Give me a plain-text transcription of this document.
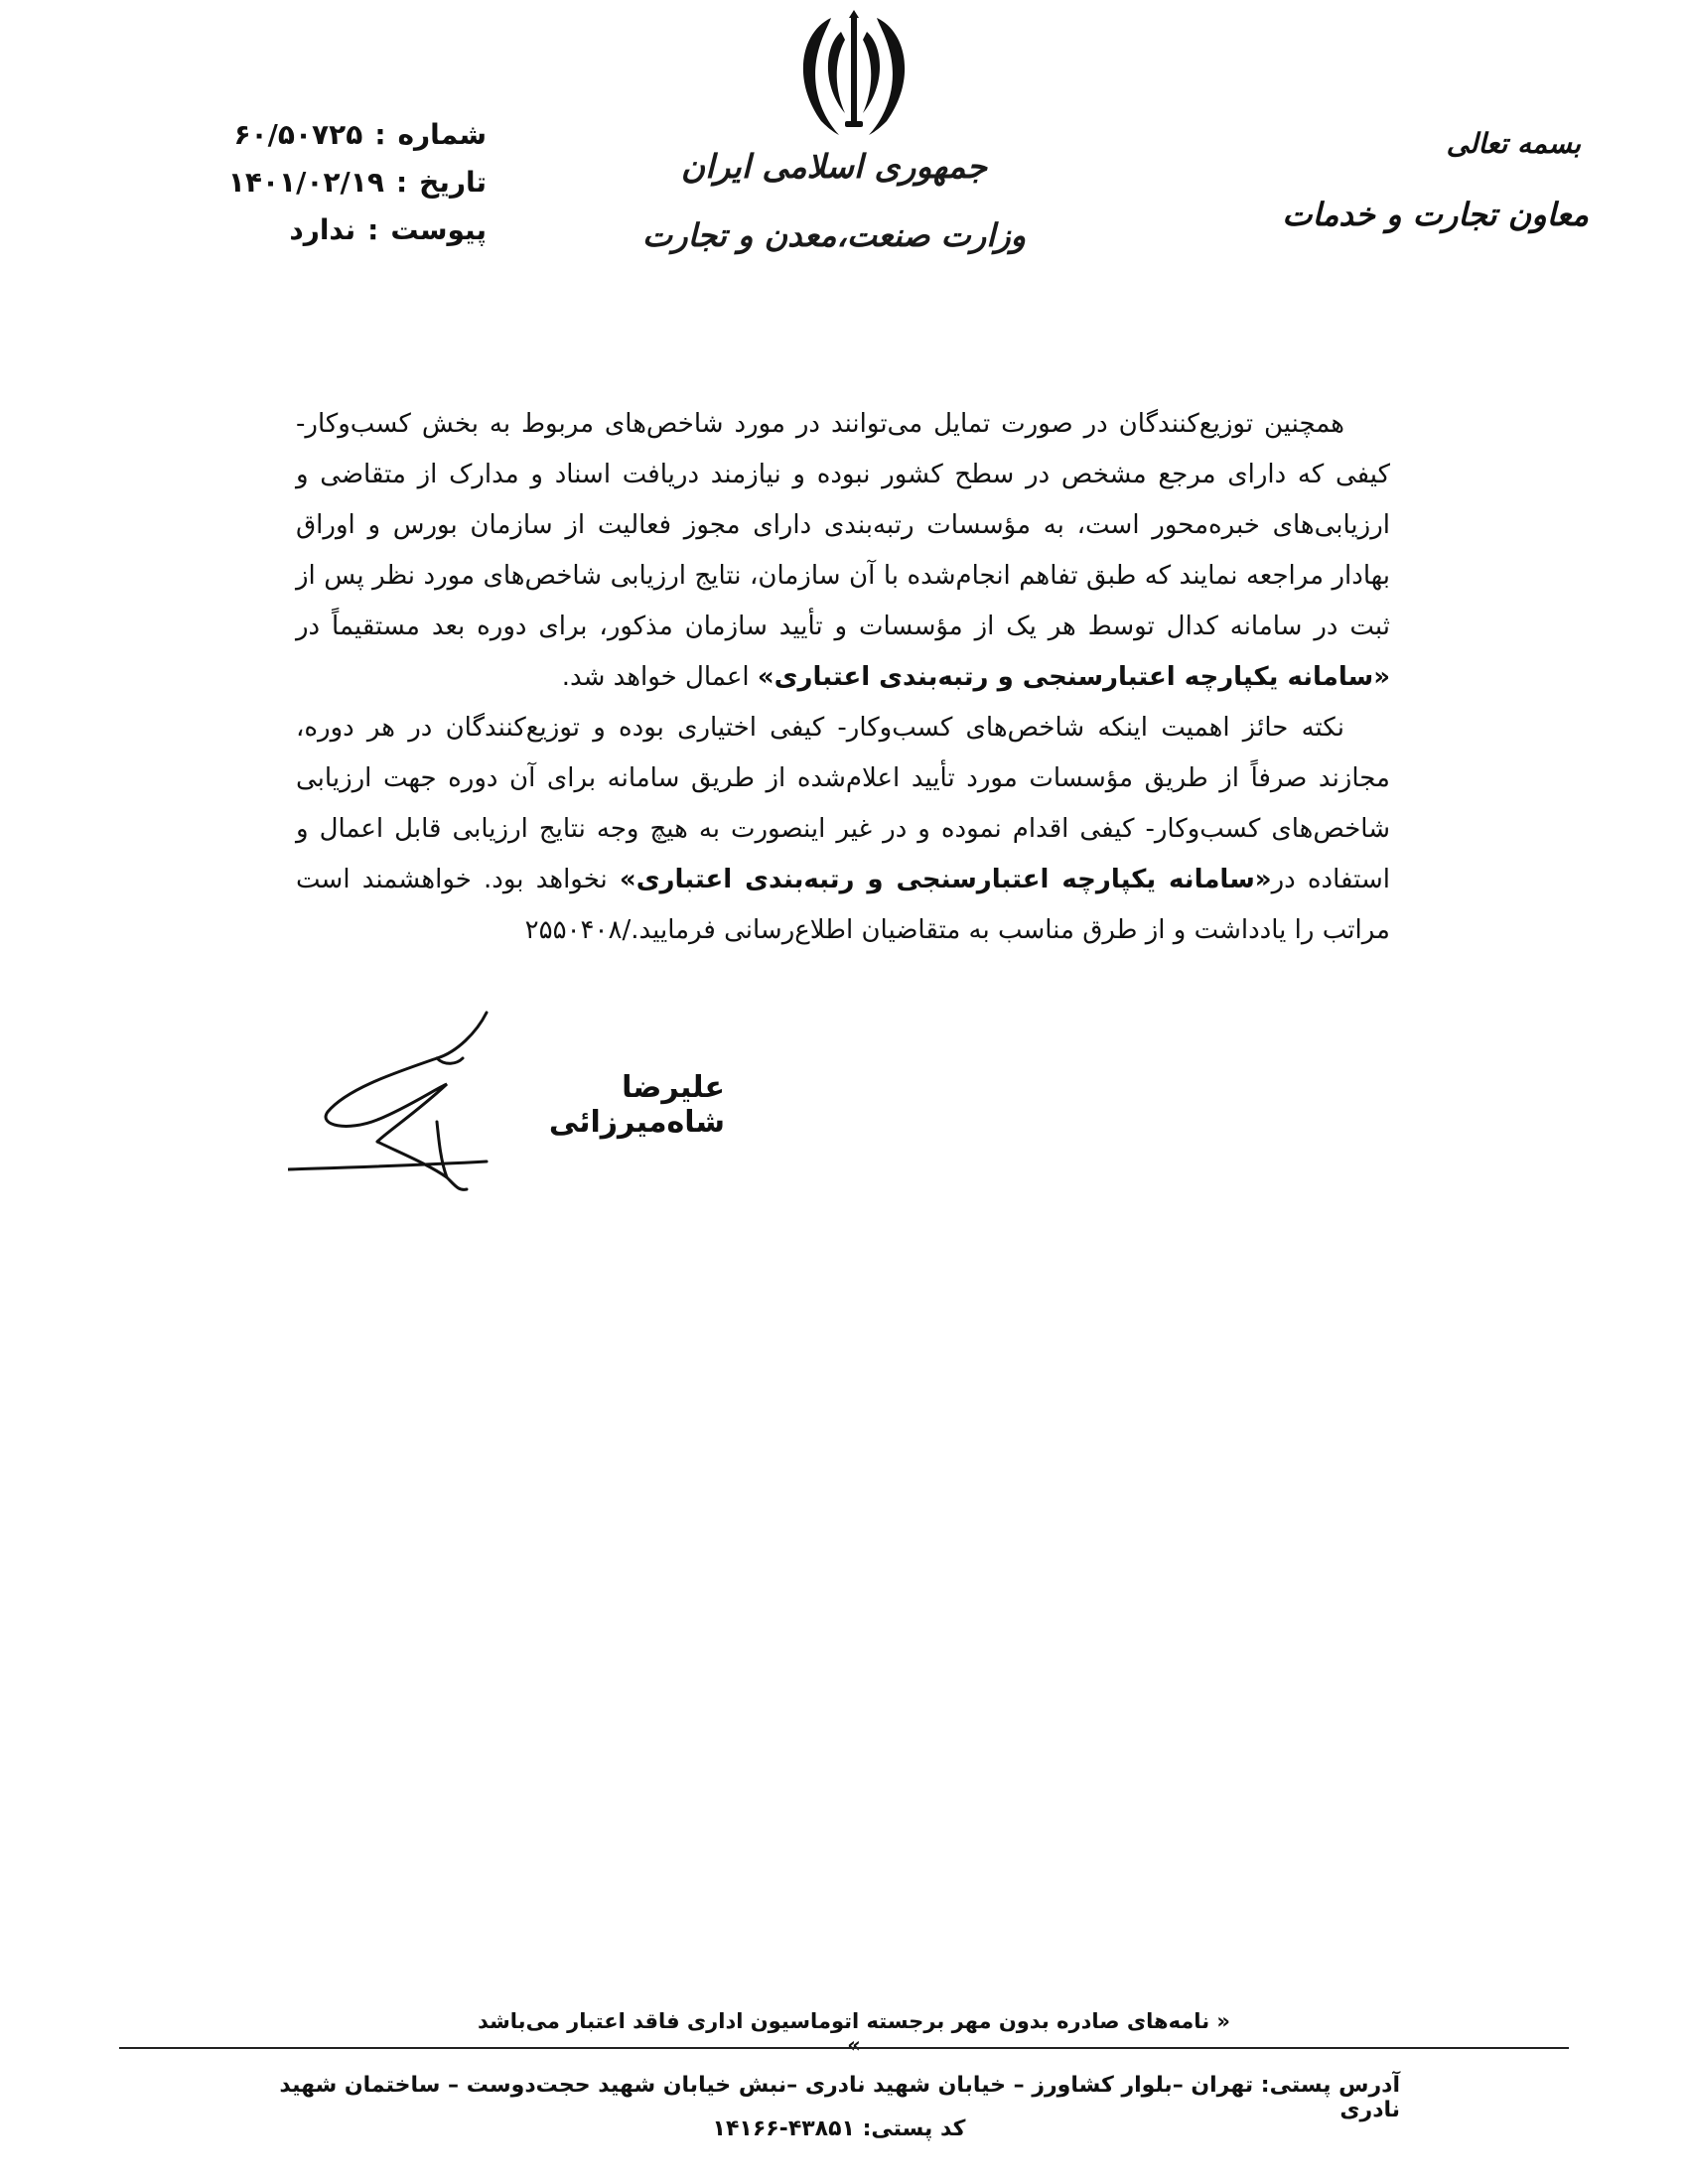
جمهوری اسلامی ایران
وزارت صنعت،معدن و تجارت
بسمه تعالی
معاون تجارت و خدمات
شماره
:
۶۰/۵۰۷۲۵
تاریخ
:
۱۴۰۱/۰۲/۱۹
پیوست
:
ندارد

همچنین توزیع‌کنندگان در صورت تمایل می‌توانند در مورد شاخص‌های مربوط به بخش کسب‌وکار- کیفی که دارای مرجع مشخص در سطح کشور نبوده و نیازمند دریافت اسناد و مدارک از متقاضی و ارزیابی‌های خبره‌محور است، به مؤسسات رتبه‌بندی دارای مجوز فعالیت از سازمان بورس و اوراق بهادار مراجعه نمایند که طبق تفاهم انجام‌شده با آن سازمان، نتایج ارزیابی شاخص‌های مورد نظر پس از ثبت در سامانه کدال توسط هر یک از مؤسسات و تأیید سازمان مذکور، برای دوره بعد مستقیماً در «سامانه یکپارچه اعتبارسنجی و رتبه‌بندی اعتباری» اعمال خواهد شد.

نکته حائز اهمیت اینکه شاخص‌های کسب‌وکار- کیفی اختیاری بوده و توزیع‌کنندگان در هر دوره، مجازند صرفاً از طریق مؤسسات مورد تأیید اعلام‌شده از طریق سامانه برای آن دوره جهت ارزیابی شاخص‌های کسب‌وکار- کیفی اقدام نموده و در غیر اینصورت به هیچ وجه نتایج ارزیابی قابل اعمال و استفاده در«سامانه یکپارچه اعتبارسنجی و رتبه‌بندی اعتباری» نخواهد بود. خواهشمند است مراتب را یادداشت و از طرق مناسب به متقاضیان اطلاع‌رسانی فرمایید./۲۵۵۰۴۰۸

علیرضا شاه‌میرزائی
« نامه‌های صادره بدون مهر برجسته اتوماسیون اداری فاقد اعتبار می‌باشد »
آدرس پستی: تهران –بلوار کشاورز – خیابان شهید نادری –نبش خیابان شهید حجت‌دوست – ساختمان شهید نادری
کد پستی: ۴۳۸۵۱-۱۴۱۶۶
